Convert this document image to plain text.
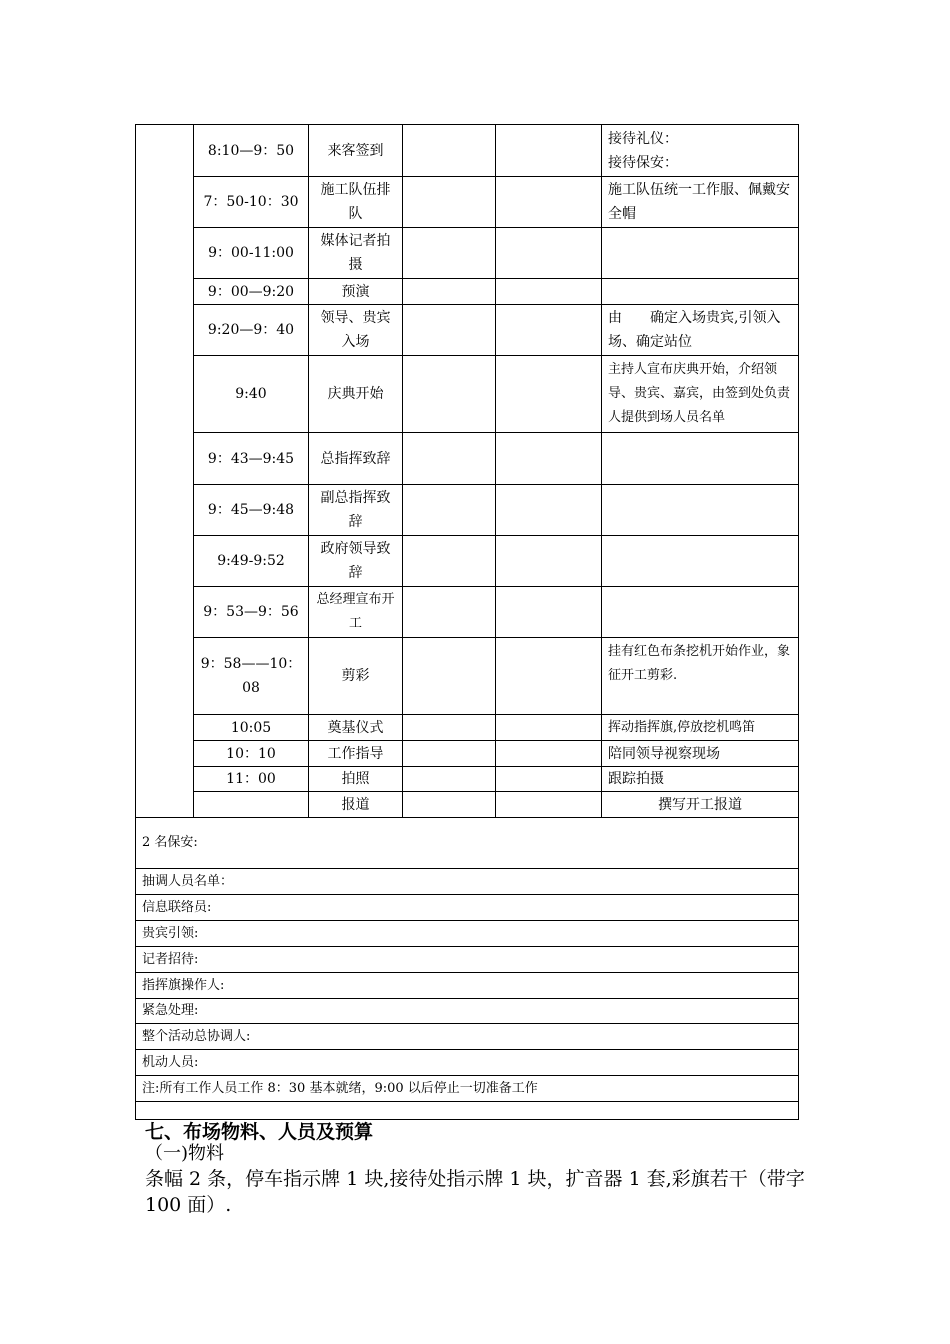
	8:10—9：50	来客签到			接待礼仪：
接待保安：
	7：50-10：30	施工队伍排队			施工队伍统一工作服、佩戴安全帽
	9：00-11:00	媒体记者拍摄			
	9：00—9:20	预演			
	9:20—9：40	领导、贵宾入场			由　　确定入场贵宾,引领入场、确定站位
	9:40	庆典开始			主持人宣布庆典开始，介绍领导、贵宾、嘉宾，由签到处负责人提供到场人员名单
	9：43—9:45	总指挥致辞			
	9：45—9:48	副总指挥致辞			
	9:49-9:52	政府领导致辞			
	9：53—9：56	总经理宣布开工			
	9：58——10：08	剪彩			挂有红色布条挖机开始作业，象征开工剪彩.
	10:05	奠基仪式			挥动指挥旗,停放挖机鸣笛
	10：10	工作指导			陪同领导视察现场
	11：00	拍照			跟踪拍摄
		报道			撰写开工报道
2 名保安:					
抽调人员名单：					
信息联络员:					
贵宾引领:					
记者招待:					
指挥旗操作人:					
紧急处理:					
整个活动总协调人:					
机动人员:					
注:所有工作人员工作 8：30 基本就绪，9:00 以后停止一切准备工作					

七、布场物料、人员及预算
（一)物料
条幅 2 条，停车指示牌 1 块,接待处指示牌 1 块，扩音器 1 套,彩旗若干（带字 100 面）.
